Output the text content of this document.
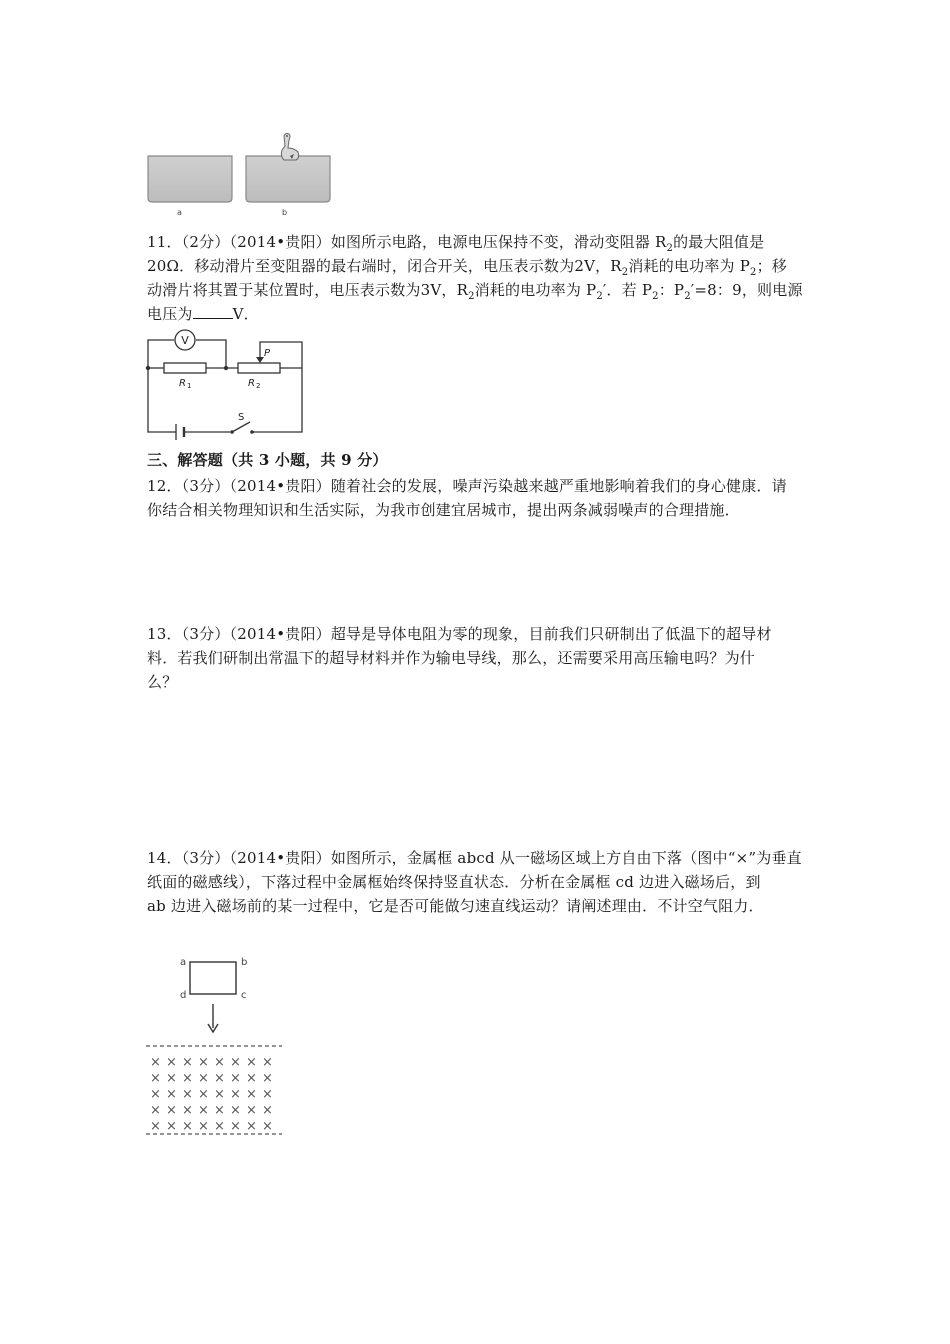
a	b
11．（2分）（2014•贵阳）如图所示电路，电源电压保持不变，滑动变阻器 $R_2$的最大阻值是
20Ω．移动滑片至变阻器的最右端时，闭合开关，电压表示数为2V，$R_2$消耗的电功率为 $P_2$；移
动滑片将其置于某位置时，电压表示数为3V，$R_2$消耗的电功率为 $P_2'$．若 $P_2$：$P_2'=8$：9，则电源
电压为	V．
V
R 1	R 2
P
S
三、解答题（共 3 小题，共 9 分）
12．（3分）（2014•贵阳）随着社会的发展，噪声污染越来越严重地影响着我们的身心健康．请
你结合相关物理知识和生活实际，为我市创建宜居城市，提出两条减弱噪声的合理措施．
13．（3分）（2014•贵阳）超导是导体电阻为零的现象，目前我们只研制出了低温下的超导材
料．若我们研制出常温下的超导材料并作为输电导线，那么，还需要采用高压输电吗？为什
么？
14．（3分）（2014•贵阳）如图所示，金属框 abcd 从一磁场区域上方自由下落（图中“×”为垂直
纸面的磁感线），下落过程中金属框始终保持竖直状态．分析在金属框 cd 边进入磁场后，到
ab 边进入磁场前的某一过程中，它是否可能做匀速直线运动？请阐述理由．不计空气阻力．
a	b
c
d
× × × × × × × ×
× × × × × × × ×
× × × × × × × ×
× × × × × × × ×
× × × × × × × ×
